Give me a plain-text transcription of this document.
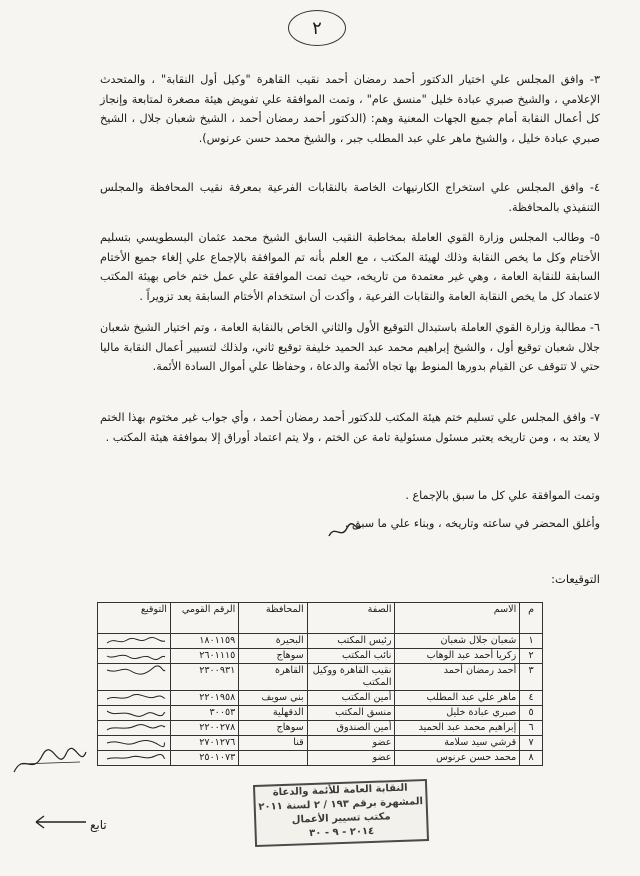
٢
٣- وافق المجلس علي اختيار الدكتور أحمد رمضان أحمد نقيب القاهرة "وكيل أول النقابة" ، والمتحدث الإعلامي ، والشيخ صبري عبادة خليل "منسق عام" ، وتمت الموافقة علي تفويض هيئة مصغرة لمتابعة وإنجاز كل أعمال النقابة أمام جميع الجهات المعنية وهم: (الدكتور أحمد رمضان أحمد ، الشيخ شعبان جلال ، الشيخ صبري عبادة خليل ، والشيخ ماهر علي عبد المطلب جبر ، والشيخ محمد حسن عرنوس).
٤- وافق المجلس علي استخراج الكارنيهات الخاصة بالنقابات الفرعية بمعرفة نقيب المحافظة والمجلس التنفيذي بالمحافظة.
٥- وطالب المجلس وزارة القوي العاملة بمخاطبة النقيب السابق الشيخ محمد عثمان البسطويسي بتسليم الأختام وكل ما يخص النقابة وذلك لهيئة المكتب ، مع العلم بأنه تم الموافقة بالإجماع علي إلغاء جميع الأختام السابقة للنقابة العامة ، وهي غير معتمدة من تاريخه، حيث تمت الموافقة علي عمل ختم خاص بهيئة المكتب لاعتماد كل ما يخص النقابة العامة والنقابات الفرعية ، وأكدت أن استخدام الأختام السابقة يعد تزويراً .
٦- مطالبة وزارة القوي العاملة باستبدال التوقيع الأول والثاني الخاص بالنقابة العامة ، وتم اختيار الشيخ شعبان جلال شعبان توقيع أول ، والشيخ إبراهيم محمد عبد الحميد خليفة توقيع ثاني، ولذلك لتسيير أعمال النقابة ماليا حتي لا تتوقف عن القيام بدورها المنوط بها تجاه الأئمة والدعاة ، وحفاظا علي أموال السادة الأئمة.
٧- وافق المجلس علي تسليم ختم هيئة المكتب للدكتور أحمد رمضان أحمد ، وأي جواب غير مختوم بهذا الختم لا يعتد به ، ومن تاريخه يعتبر مسئول مسئولية تامة عن الختم ، ولا يتم اعتماد أوراق إلا بموافقة هيئة المكتب .
وتمت الموافقة علي كل ما سبق بالإجماع .
وأغلق المحضر في ساعته وتاريخه ، وبناء علي ما سبق .
التوقيعات:
م	الاسم	الصفة	المحافظة	الرقم القومي	التوقيع
١	شعبان جلال شعبان	رئيس المكتب	البحيرة	١٨٠١١٥٩	

٢	زكريا أحمد عبد الوهاب	نائب المكتب	سوهاج	٢٦٠١١١٥	

٣	أحمد رمضان أحمد	نقيب القاهرة ووكيل المكتب	القاهرة	٢٣٠٠٩٣١	

٤	ماهر علي عبد المطلب	أمين المكتب	بني سويف	٢٢٠١٩٥٨	

٥	صبري عبادة خليل	منسق المكتب	الدقهلية	٣٠٠٥٣	

٦	إبراهيم محمد عبد الحميد	أمين الصندوق	سوهاج	٢٢٠٠٢٧٨	

٧	قرشي سيد سلامة	عضو	قنا	٢٧٠١٢٧٦	

٨	محمد حسن عرنوس	عضو		٢٥٠١٠٧٣	
النقابة العامة للأئمة والدعاة
المشهرة برقم ١٩٣ / ٢ لسنة ٢٠١١
مكتب تسيير الأعمال
٢٠١٤ - ٩ - ٣٠
تابع
